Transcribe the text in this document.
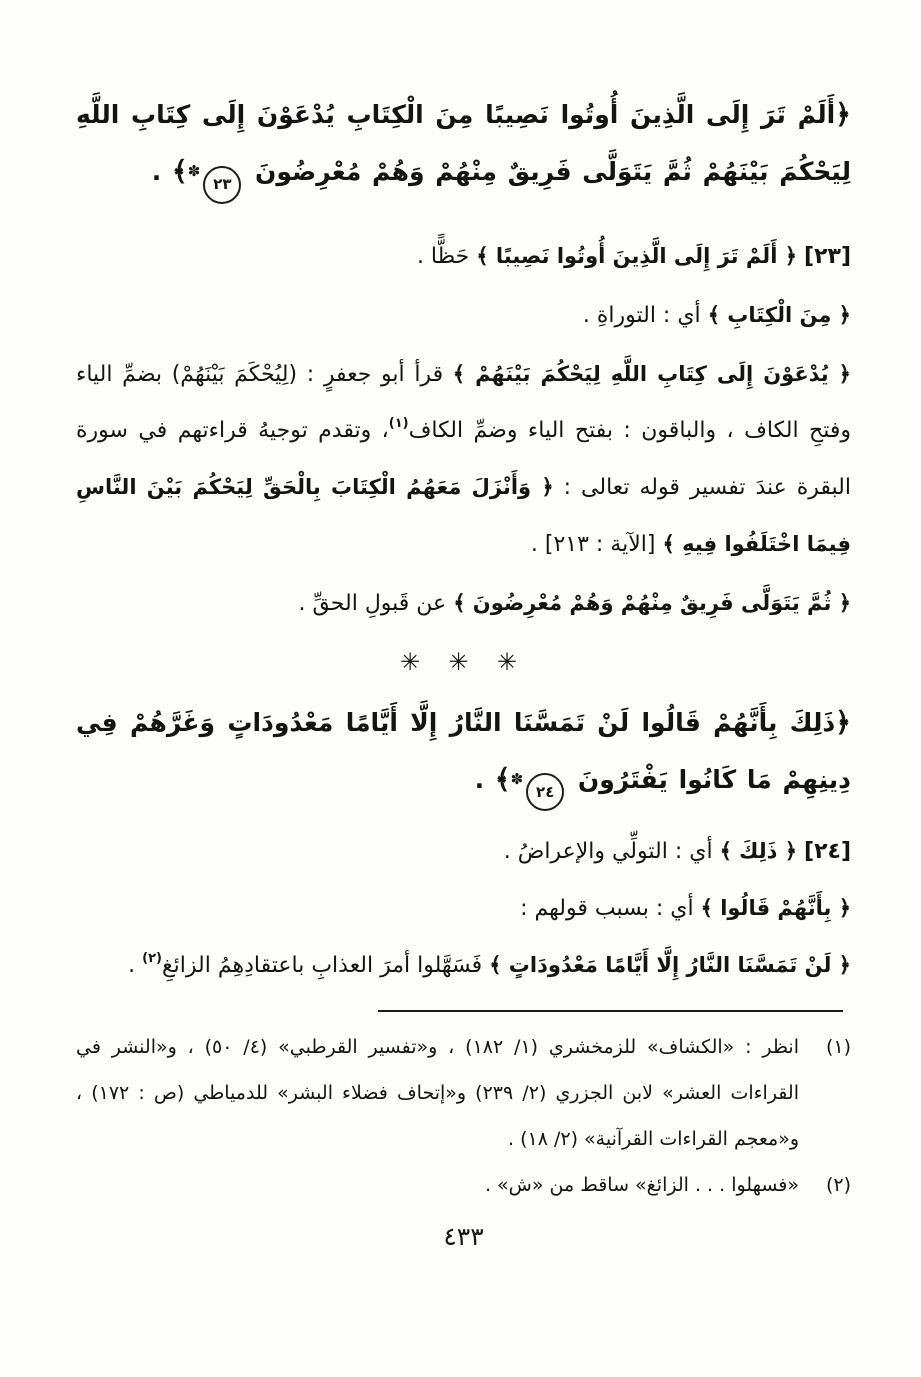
﴿أَلَمْ تَرَ إِلَى الَّذِينَ أُوتُوا نَصِيبًا مِنَ الْكِتَابِ يُدْعَوْنَ إِلَى كِتَابِ اللَّهِ لِيَحْكُمَ بَيْنَهُمْ ثُمَّ يَتَوَلَّى فَرِيقٌ مِنْهُمْ وَهُمْ مُعْرِضُونَ ٢٣✽﴾ .

[٢٣] ﴿ أَلَمْ تَرَ إِلَى الَّذِينَ أُوتُوا نَصِيبًا ﴾ حَظًّا .

﴿ مِنَ الْكِتَابِ ﴾ أي : التوراةِ .

﴿ يُدْعَوْنَ إِلَى كِتَابِ اللَّهِ لِيَحْكُمَ بَيْنَهُمْ ﴾ قرأ أبو جعفرٍ : (لِيُحْكَمَ بَيْنَهُمْ) بضمِّ الياء وفتحِ الكاف ، والباقون : بفتح الياء وضمِّ الكاف$^{(١)}$، وتقدم توجيهُ قراءتهم في سورة البقرة عندَ تفسير قوله تعالى : ﴿ وَأَنْزَلَ مَعَهُمُ الْكِتَابَ بِالْحَقِّ لِيَحْكُمَ بَيْنَ النَّاسِ فِيمَا اخْتَلَفُوا فِيهِ ﴾ [الآية : ٢١٣] .

﴿ ثُمَّ يَتَوَلَّى فَرِيقٌ مِنْهُمْ وَهُمْ مُعْرِضُونَ ﴾ عن قَبولِ الحقِّ .

✳ ✳ ✳

﴿ذَلِكَ بِأَنَّهُمْ قَالُوا لَنْ تَمَسَّنَا النَّارُ إِلَّا أَيَّامًا مَعْدُودَاتٍ وَغَرَّهُمْ فِي دِينِهِمْ مَا كَانُوا يَفْتَرُونَ ٢٤✽﴾ .

[٢٤] ﴿ ذَلِكَ ﴾ أي : التولِّي والإعراضُ .

﴿ بِأَنَّهُمْ قَالُوا ﴾ أي : بسبب قولهم :

﴿ لَنْ تَمَسَّنَا النَّارُ إِلَّا أَيَّامًا مَعْدُودَاتٍ ﴾ فَسَهَّلوا أمرَ العذابِ باعتقادِهِمُ الزائغِ$^{(٢)}$ .

(١)
انظر : «الكشاف» للزمخشري (١/ ١٨٢) ، و«تفسير القرطبي» (٤/ ٥٠) ، و«النشر في القراءات العشر» لابن الجزري (٢/ ٢٣٩) و«إتحاف فضلاء البشر» للدمياطي (ص : ١٧٢) ، و«معجم القراءات القرآنية» (٢/ ١٨) .
(٢)
«فسهلوا . . . الزائغ» ساقط من «ش» .
٤٣٣
